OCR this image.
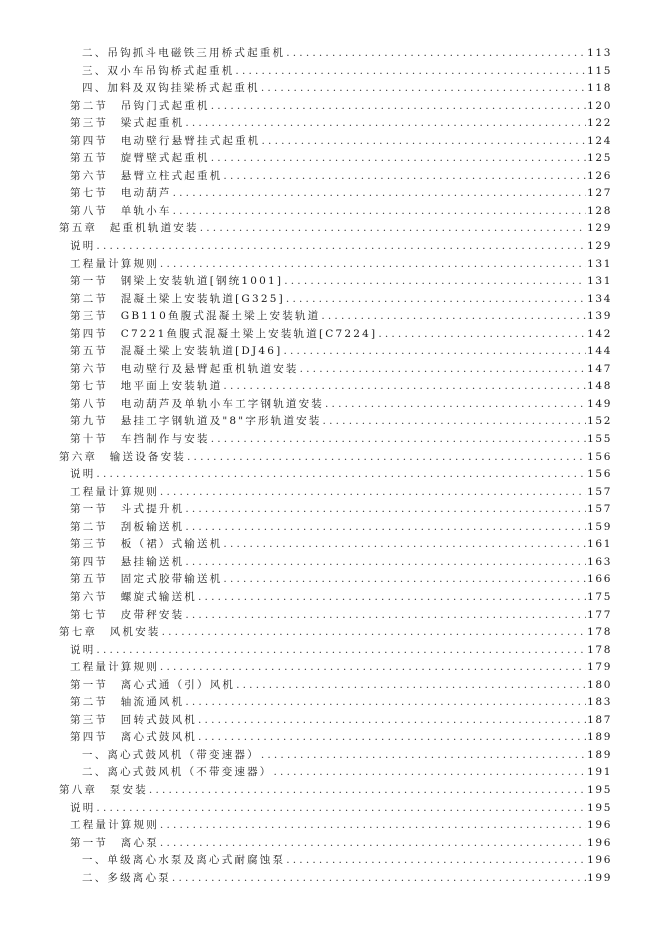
二、吊钩抓斗电磁铁三用桥式起重机 .....	113
三、双小车吊钩桥式起重机 .....	115
四、加料及双钩挂梁桥式起重机 .....	118
第二节　吊钩门式起重机 .....	120
第三节　梁式起重机 .....	122
第四节　电动壁行悬臂挂式起重机 .....	124
第五节　旋臂壁式起重机 .....	125
第六节　悬臂立柱式起重机 .....	126
第七节　电动葫芦 .....	127
第八节　单轨小车 .....	128
第五章　起重机轨道安装 .....	129
说明 .....	129
工程量计算规则 .....	131
第一节　钢梁上安装轨道[钢统1001] .....	131
第二节　混凝土梁上安装轨道[G325] .....	134
第三节　GB110鱼腹式混凝土梁上安装轨道 .....	139
第四节　C7221鱼腹式混凝土梁上安装轨道[C7224] .....	142
第五节　混凝土梁上安装轨道[DJ46] .....	144
第六节　电动壁行及悬臂起重机轨道安装 .....	147
第七节　地平面上安装轨道 .....	148
第八节　电动葫芦及单轨小车工字钢轨道安装 .....	149
第九节　悬挂工字钢轨道及"8"字形轨道安装 .....	152
第十节　车挡制作与安装 .....	155
第六章　输送设备安装 .....	156
说明 .....	156
工程量计算规则 .....	157
第一节　斗式提升机 .....	157
第二节　刮板输送机 .....	159
第三节　板（裙）式输送机 .....	161
第四节　悬挂输送机 .....	163
第五节　固定式胶带输送机 .....	166
第六节　螺旋式输送机 .....	175
第七节　皮带秤安装 .....	177
第七章　风机安装 .....	178
说明 .....	178
工程量计算规则 .....	179
第一节　离心式通（引）风机 .....	180
第二节　轴流通风机 .....	183
第三节　回转式鼓风机 .....	187
第四节　离心式鼓风机 .....	189
一、离心式鼓风机（带变速器） .....	189
二、离心式鼓风机（不带变速器） .....	191
第八章　泵安装 .....	195
说明 .....	195
工程量计算规则 .....	196
第一节　离心泵 .....	196
一、单级离心水泵及离心式耐腐蚀泵 .....	196
二、多级离心泵 .....	199
